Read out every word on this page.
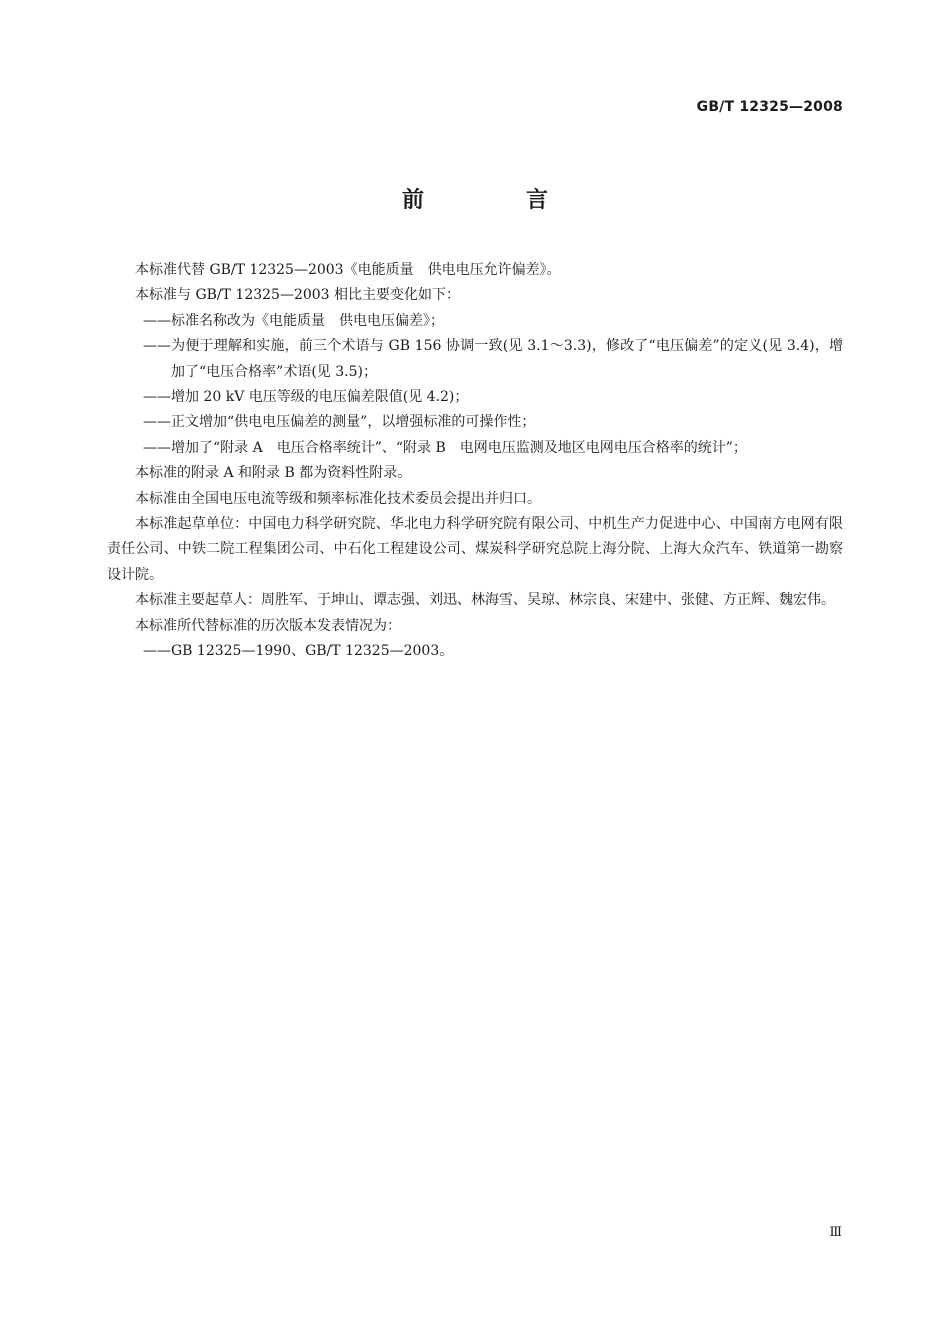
GB/T 12325—2008
前　言

本标准代替 GB/T 12325—2003《电能质量　供电电压允许偏差》。

本标准与 GB/T 12325—2003 相比主要变化如下：

——标准名称改为《电能质量　供电电压偏差》；

——为便于理解和实施，前三个术语与 GB 156 协调一致(见 3.1～3.3)，修改了“电压偏差”的定义(见 3.4)，增加了“电压合格率”术语(见 3.5)；

——增加 20 kV 电压等级的电压偏差限值(见 4.2)；

——正文增加“供电电压偏差的测量”，以增强标准的可操作性；

——增加了“附录 A　电压合格率统计”、“附录 B　电网电压监测及地区电网电压合格率的统计”；

本标准的附录 A 和附录 B 都为资料性附录。

本标准由全国电压电流等级和频率标准化技术委员会提出并归口。

本标准起草单位：中国电力科学研究院、华北电力科学研究院有限公司、中机生产力促进中心、中国南方电网有限责任公司、中铁二院工程集团公司、中石化工程建设公司、煤炭科学研究总院上海分院、上海大众汽车、铁道第一勘察设计院。

本标准主要起草人：周胜军、于坤山、谭志强、刘迅、林海雪、吴琼、林宗良、宋建中、张健、方正辉、魏宏伟。

本标准所代替标准的历次版本发表情况为：

——GB 12325—1990、GB/T 12325—2003。

Ⅲ
